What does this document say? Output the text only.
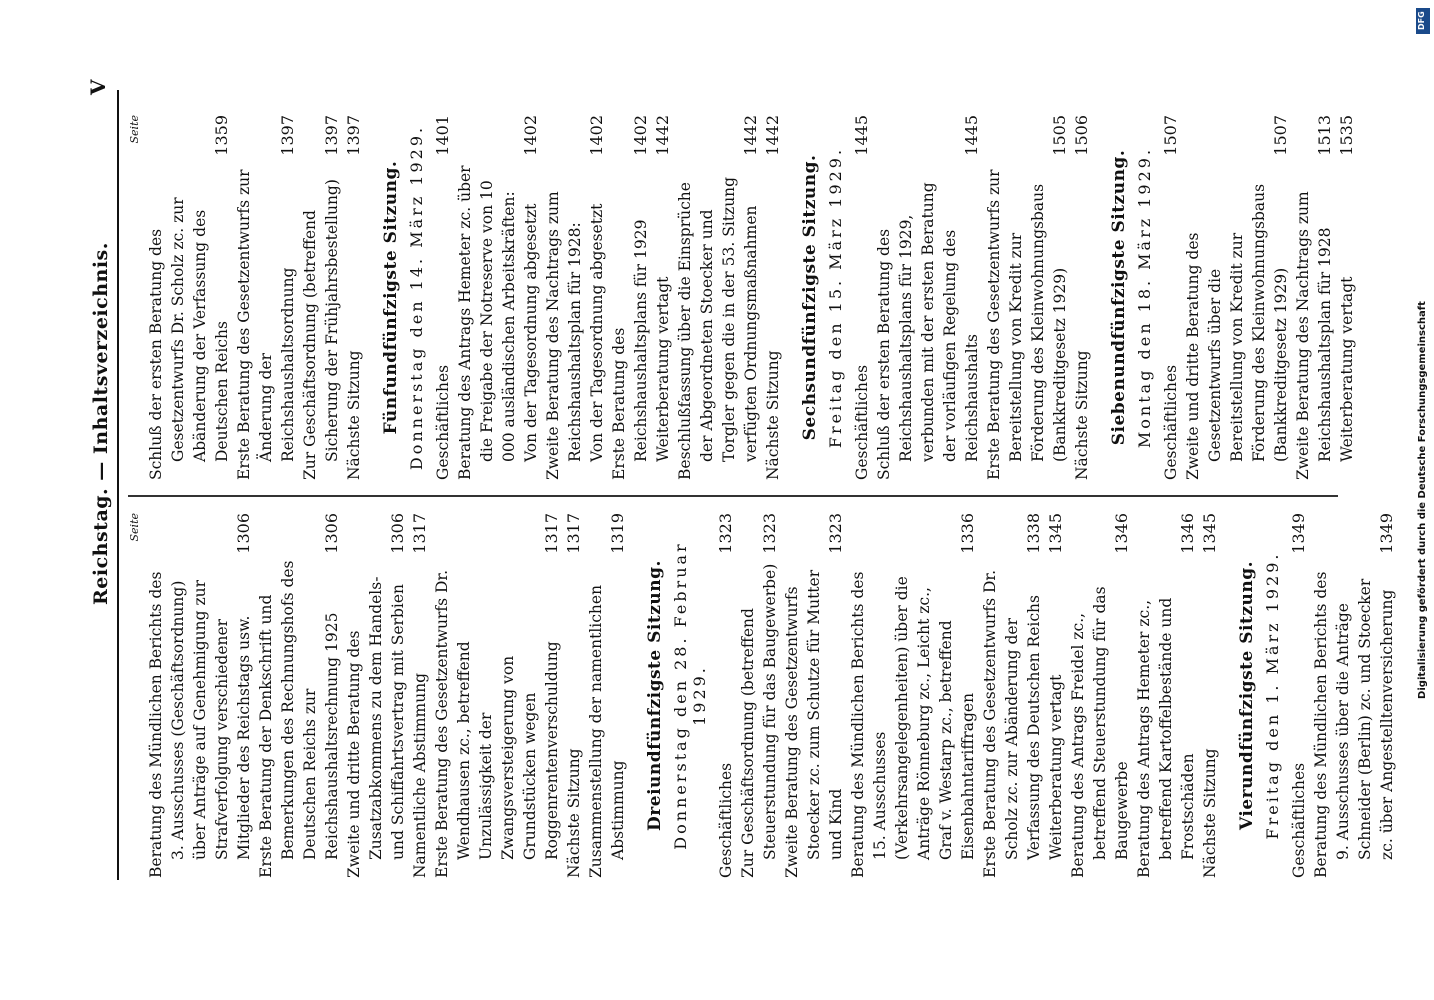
Reichstag. — Inhaltsverzeichnis.
V
Seite
Beratung des Mündlichen Berichts des 3. Ausschusses (Geschäftsordnung) über Anträge auf Genehmigung zur Strafverfolgung verschiedener Mitglieder des Reichstags usw.
1306
Erste Beratung der Denkschrift und Bemerkungen des Rechnungshofs des Deutschen Reichs zur Reichshaushaltsrechnung 1925
1306
Zweite und dritte Beratung des Zusatzabkommens zu dem Handels- und Schiffahrtsvertrag mit Serbien
1306
Namentliche Abstimmung
1317
Erste Beratung des Gesetzentwurfs Dr. Wendhausen zc., betreffend Unzulässigkeit der Zwangsversteigerung von Grundstücken wegen Roggenrentenverschuldung
1317
Nächste Sitzung
1317
Zusammenstellung der namentlichen Abstimmung
1319
Dreiundfünfzigste Sitzung. Donnerstag den 28. Februar 1929.
Geschäftliches
1323
Zur Geschäftsordnung (betreffend Steuerstundung für das Baugewerbe)
1323
Zweite Beratung des Gesetzentwurfs Stoecker zc. zum Schutze für Mutter und Kind
1323
Beratung des Mündlichen Berichts des 15. Ausschusses (Verkehrsangelegenheiten) über die Anträge Rönneburg zc., Leicht zc., Graf v. Westarp zc., betreffend Eisenbahntariffragen
1336
Erste Beratung des Gesetzentwurfs Dr. Scholz zc. zur Abänderung der Verfassung des Deutschen Reichs
1338
Weiterberatung vertagt
1345
Beratung des Antrags Freidel zc., betreffend Steuerstundung für das Baugewerbe
1346
Beratung des Antrags Hemeter zc., betreffend Kartoffelbestände und Frostschäden
1346
Nächste Sitzung
1345
Vierundfünfzigste Sitzung. Freitag den 1. März 1929. Geschäftliches
1349
Beratung des Mündlichen Berichts des 9. Ausschusses über die Anträge Schneider (Berlin) zc. und Stoecker zc. über Angestelltenversicherung
1349
Seite
Schluß der ersten Beratung des Gesetzentwurfs Dr. Scholz zc. zur Abänderung der Verfassung des Deutschen Reichs
1359
Erste Beratung des Gesetzentwurfs zur Änderung der Reichshaushaltsordnung
1397
Zur Geschäftsordnung (betreffend Sicherung der Frühjahrsbestellung)
1397
Nächste Sitzung
1397
Fünfundfünfzigste Sitzung. Donnerstag den 14. März 1929. Geschäftliches
1401
Beratung des Antrags Hemeter zc. über die Freigabe der Notreserve von 10 000 ausländischen Arbeitskräften: Von der Tagesordnung abgesetzt
1402
Zweite Beratung des Nachtrags zum Reichshaushaltsplan für 1928: Von der Tagesordnung abgesetzt
1402
Erste Beratung des Reichshaushaltsplans für 1929
1402
Weiterberatung vertagt
1442
Beschlußfassung über die Einsprüche der Abgeordneten Stoecker und Torgler gegen die in der 53. Sitzung verfügten Ordnungsmaßnahmen
1442
Nächste Sitzung
1442
Sechsundfünfzigste Sitzung. Freitag den 15. März 1929. Geschäftliches
1445
Schluß der ersten Beratung des Reichshaushaltsplans für 1929, verbunden mit der ersten Beratung der vorläufigen Regelung des Reichshaushalts
1445
Erste Beratung des Gesetzentwurfs zur Bereitstellung von Kredit zur Förderung des Kleinwohnungsbaus (Bankkreditgesetz 1929)
1505
Nächste Sitzung
1506
Siebenundfünfzigste Sitzung. Montag den 18. März 1929. Geschäftliches
1507
Zweite und dritte Beratung des Gesetzentwurfs über die Bereitstellung von Kredit zur Förderung des Kleinwohnungsbaus (Bankkreditgesetz 1929)
1507
Zweite Beratung des Nachtrags zum Reichshaushaltsplan für 1928
1513
Weiterberatung vertagt
1535
DFG
Digitalisierung gefördert durch die Deutsche Forschungsgemeinschaft
